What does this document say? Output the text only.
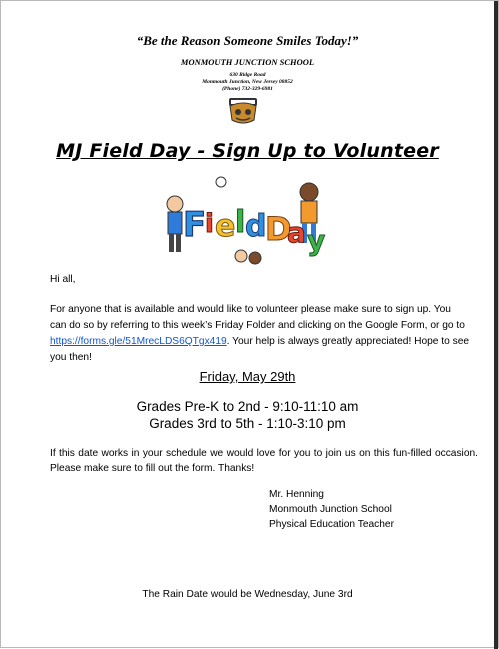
“Be the Reason Someone Smiles Today!”
MONMOUTH JUNCTION SCHOOL
630 Ridge Road
Monmouth Junction, New Jersey 08852
(Phone) 732-329-6981
MJ Field Day - Sign Up to Volunteer
F
i e l d
D
a y
Hi all,
For anyone that is available and would like to volunteer please make sure to sign up. You can do so by referring to this week’s Friday Folder and clicking on the Google Form, or go to https://forms.gle/51MrecLDS6QTgx419. Your help is always greatly appreciated! Hope to see you then!
Friday, May 29th
Grades Pre-K to 2nd - 9:10-11:10 am
Grades 3rd to 5th - 1:10-3:10 pm
If this date works in your schedule we would love for you to join us on this fun-filled occasion. Please make sure to fill out the form. Thanks!
Mr. Henning
Monmouth Junction School
Physical Education Teacher
The Rain Date would be Wednesday, June 3rd
